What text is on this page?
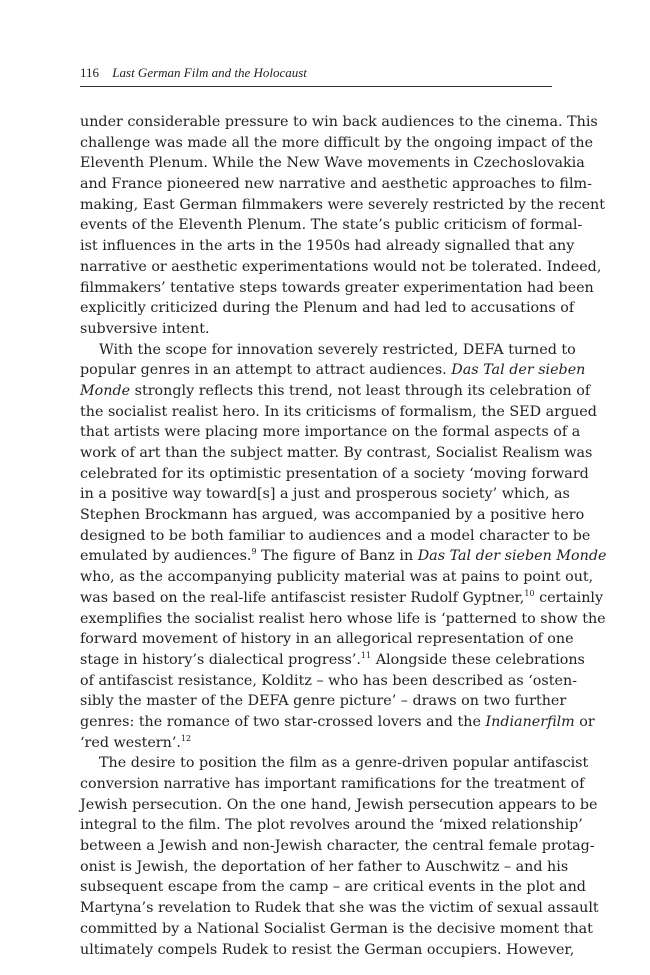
116 Last German Film and the Holocaust
under considerable pressure to win back audiences to the cinema. This
challenge was made all the more difficult by the ongoing impact of the
Eleventh Plenum. While the New Wave movements in Czechoslovakia
and France pioneered new narrative and aesthetic approaches to film-
making, East German filmmakers were severely restricted by the recent
events of the Eleventh Plenum. The state’s public criticism of formal-
ist influences in the arts in the 1950s had already signalled that any
narrative or aesthetic experimentations would not be tolerated. Indeed,
filmmakers’ tentative steps towards greater experimentation had been
explicitly criticized during the Plenum and had led to accusations of
subversive intent.
With the scope for innovation severely restricted, DEFA turned to
popular genres in an attempt to attract audiences. Das Tal der sieben
Monde strongly reflects this trend, not least through its celebration of
the socialist realist hero. In its criticisms of formalism, the SED argued
that artists were placing more importance on the formal aspects of a
work of art than the subject matter. By contrast, Socialist Realism was
celebrated for its optimistic presentation of a society ‘moving forward
in a positive way toward[s] a just and prosperous society’ which, as
Stephen Brockmann has argued, was accompanied by a positive hero
designed to be both familiar to audiences and a model character to be
emulated by audiences.$^9$ The figure of Banz in Das Tal der sieben Monde
who, as the accompanying publicity material was at pains to point out,
was based on the real-life antifascist resister Rudolf Gyptner,$^{10}$ certainly
exemplifies the socialist realist hero whose life is ‘patterned to show the
forward movement of history in an allegorical representation of one
stage in history’s dialectical progress’.$^{11}$ Alongside these celebrations
of antifascist resistance, Kolditz – who has been described as ‘osten-
sibly the master of the DEFA genre picture’ – draws on two further
genres: the romance of two star-crossed lovers and the Indianerfilm or
‘red western’.$^{12}$
The desire to position the film as a genre-driven popular antifascist
conversion narrative has important ramifications for the treatment of
Jewish persecution. On the one hand, Jewish persecution appears to be
integral to the film. The plot revolves around the ‘mixed relationship’
between a Jewish and non-Jewish character, the central female protag-
onist is Jewish, the deportation of her father to Auschwitz – and his
subsequent escape from the camp – are critical events in the plot and
Martyna’s revelation to Rudek that she was the victim of sexual assault
committed by a National Socialist German is the decisive moment that
ultimately compels Rudek to resist the German occupiers. However,
